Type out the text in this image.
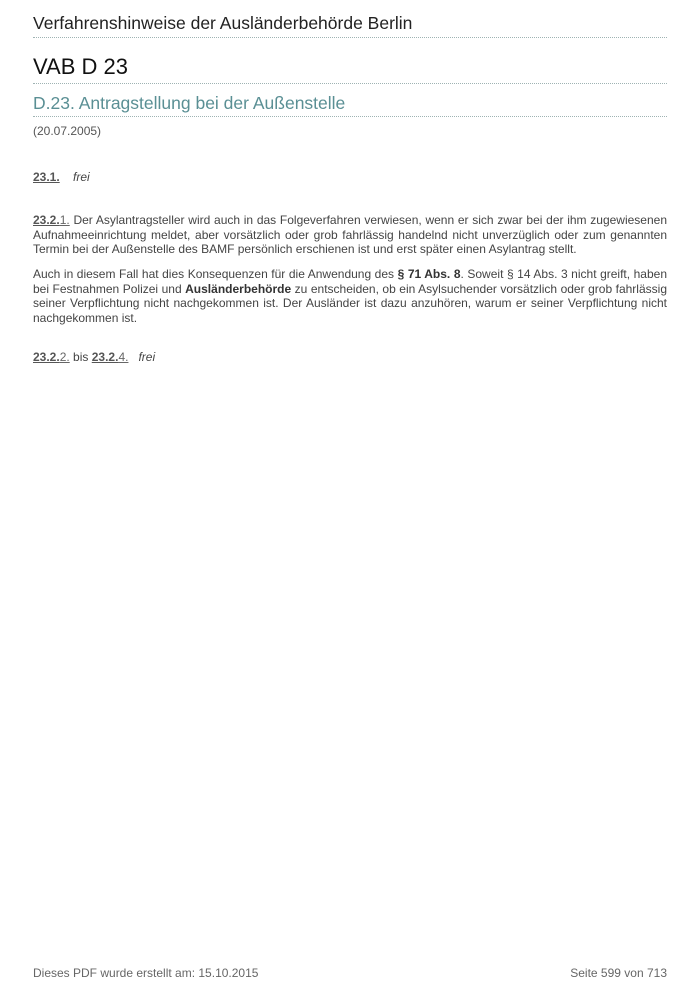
Verfahrenshinweise der Ausländerbehörde Berlin
VAB D 23
D.23. Antragstellung bei der Außenstelle
(20.07.2005)
23.1. frei
23.2.1. Der Asylantragsteller wird auch in das Folgeverfahren verwiesen, wenn er sich zwar bei der ihm zugewiesenen Aufnahmeeinrichtung meldet, aber vorsätzlich oder grob fahrlässig handelnd nicht unverzüglich oder zum genannten Termin bei der Außenstelle des BAMF persönlich erschienen ist und erst später einen Asylantrag stellt.
Auch in diesem Fall hat dies Konsequenzen für die Anwendung des § 71 Abs. 8. Soweit § 14 Abs. 3 nicht greift, haben bei Festnahmen Polizei und Ausländerbehörde zu entscheiden, ob ein Asylsuchender vorsätzlich oder grob fahrlässig seiner Verpflichtung nicht nachgekommen ist. Der Ausländer ist dazu anzuhören, warum er seiner Verpflichtung nicht nachgekommen ist.
23.2.2. bis 23.2.4. frei
Dieses PDF wurde erstellt am: 15.10.2015	Seite 599 von 713
